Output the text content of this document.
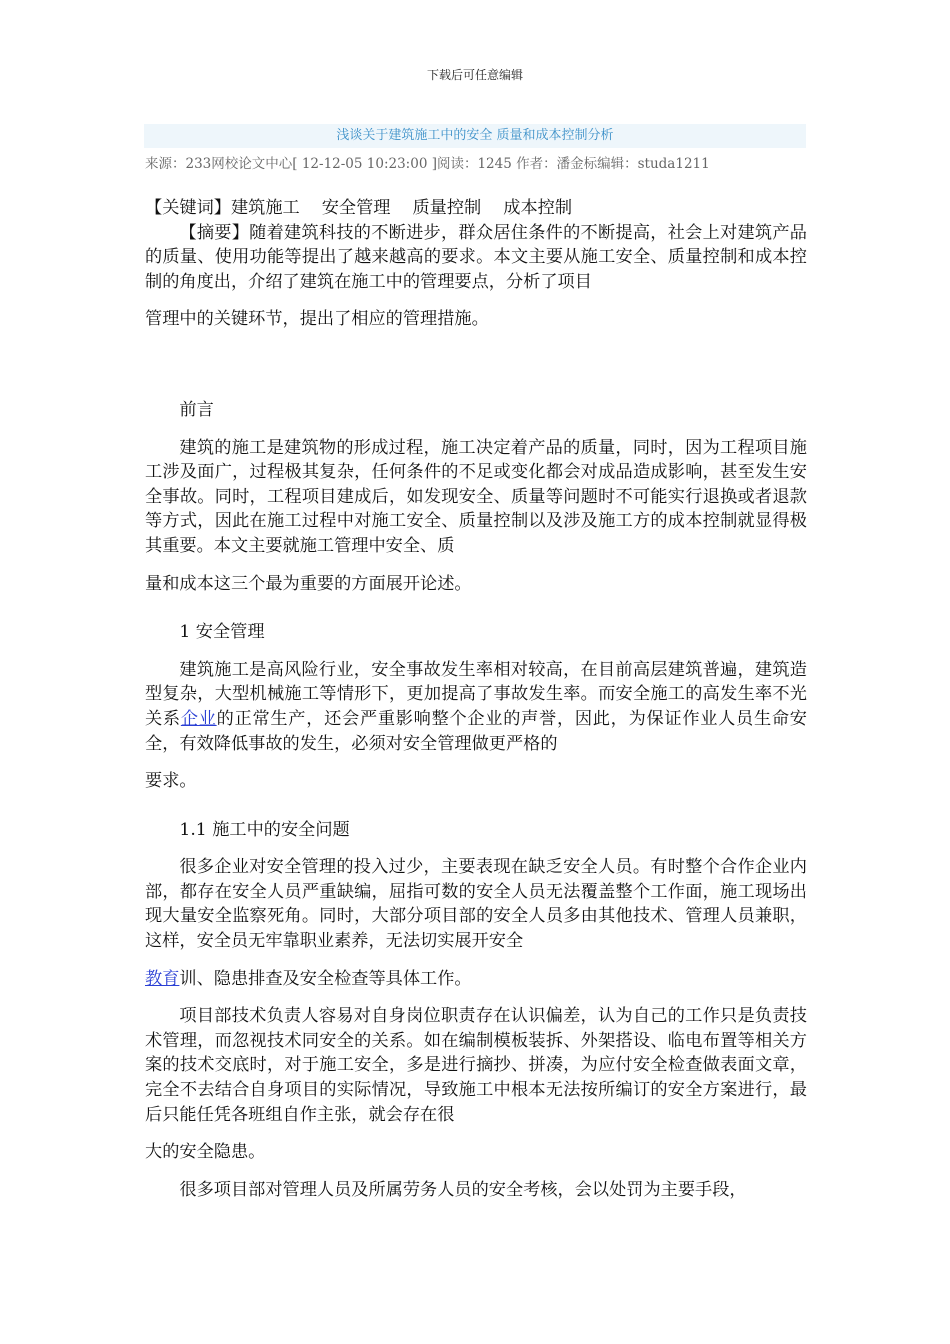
下载后可任意编辑
浅谈关于建筑施工中的安全 质量和成本控制分析
来源：233网校论文中心[ 12-12-05 10:23:00 ]阅读：1245 作者：潘金标编辑：studa1211

【关键词】建筑施工 安全管理 质量控制 成本控制

【摘要】随着建筑科技的不断进步，群众居住条件的不断提高，社会上对建筑产品的质量、使用功能等提出了越来越高的要求。本文主要从施工安全、质量控制和成本控制的角度出，介绍了建筑在施工中的管理要点，分析了项目

管理中的关键环节，提出了相应的管理措施。

前言

建筑的施工是建筑物的形成过程，施工决定着产品的质量，同时，因为工程项目施工涉及面广，过程极其复杂，任何条件的不足或变化都会对成品造成影响，甚至发生安全事故。同时，工程项目建成后，如发现安全、质量等问题时不可能实行退换或者退款等方式，因此在施工过程中对施工安全、质量控制以及涉及施工方的成本控制就显得极其重要。本文主要就施工管理中安全、质

量和成本这三个最为重要的方面展开论述。

1 安全管理

建筑施工是高风险行业，安全事故发生率相对较高，在目前高层建筑普遍，建筑造型复杂，大型机械施工等情形下，更加提高了事故发生率。而安全施工的高发生率不光关系企业的正常生产，还会严重影响整个企业的声誉，因此，为保证作业人员生命安全，有效降低事故的发生，必须对安全管理做更严格的

要求。

1.1 施工中的安全问题

很多企业对安全管理的投入过少，主要表现在缺乏安全人员。有时整个合作企业内部，都存在安全人员严重缺编，屈指可数的安全人员无法覆盖整个工作面，施工现场出现大量安全监察死角。同时，大部分项目部的安全人员多由其他技术、管理人员兼职，这样，安全员无牢靠职业素养，无法切实展开安全

教育训、隐患排查及安全检查等具体工作。

项目部技术负责人容易对自身岗位职责存在认识偏差，认为自己的工作只是负责技术管理，而忽视技术同安全的关系。如在编制模板装拆、外架搭设、临电布置等相关方案的技术交底时，对于施工安全，多是进行摘抄、拼凑，为应付安全检查做表面文章，完全不去结合自身项目的实际情况，导致施工中根本无法按所编订的安全方案进行，最后只能任凭各班组自作主张，就会存在很

大的安全隐患。

很多项目部对管理人员及所属劳务人员的安全考核，会以处罚为主要手段，
